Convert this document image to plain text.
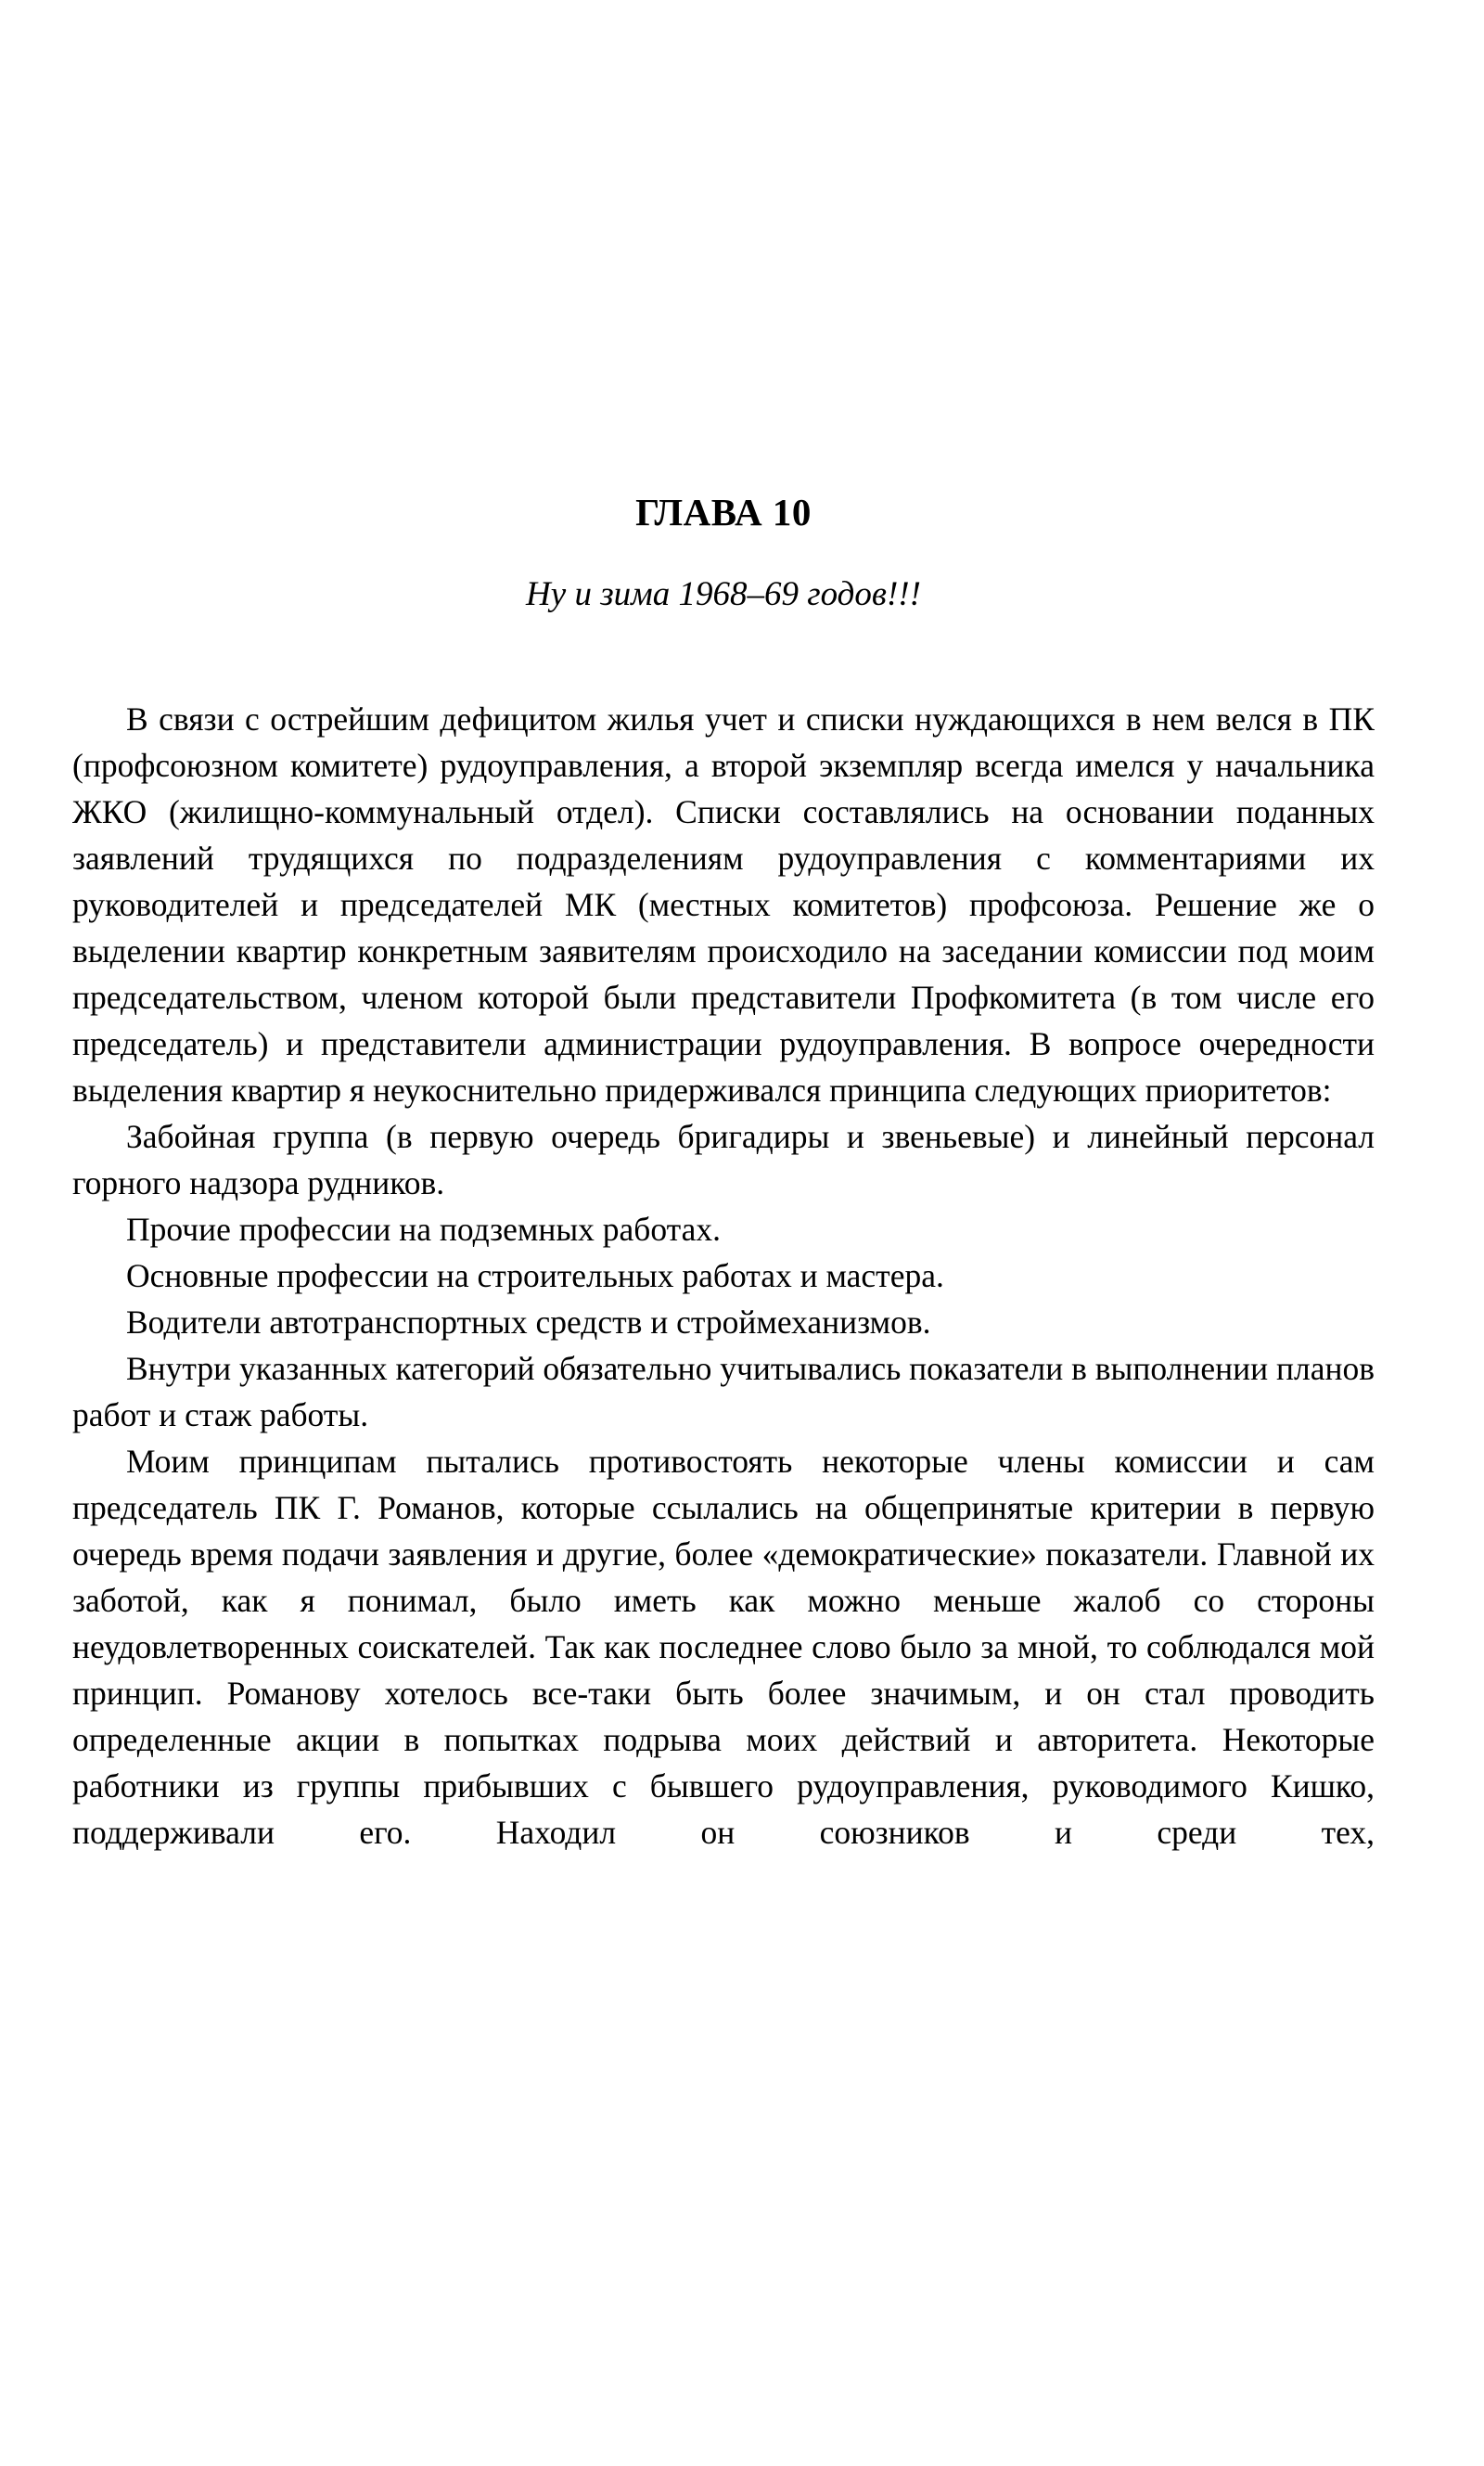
ГЛАВА 10
Ну и зима 1968–69 годов!!!

В связи с острейшим дефицитом жилья учет и списки нуждающихся в нем велся в ПК (профсоюзном комитете) рудоуправления, а второй экземпляр всегда имелся у начальника ЖКО (жилищно-коммунальный отдел). Списки составлялись на основании поданных заявлений трудящихся по подразделениям рудоуправления с комментариями их руководителей и председателей МК (местных комитетов) профсоюза. Решение же о выделении квартир конкретным заявителям происходило на заседании комиссии под моим председательством, членом которой были представители Профкомитета (в том числе его председатель) и представители администрации рудоуправления. В вопросе очередности выделения квартир я неукоснительно придерживался принципа следующих приоритетов:

Забойная группа (в первую очередь бригадиры и звеньевые) и линейный персонал горного надзора рудников.

Прочие профессии на подземных работах.

Основные профессии на строительных работах и мастера.

Водители автотранспортных средств и строймеханизмов.

Внутри указанных категорий обязательно учитывались показатели в выполнении планов работ и стаж работы.

Моим принципам пытались противостоять некоторые члены комиссии и сам председатель ПК Г. Романов, которые ссылались на общепринятые критерии в первую очередь время подачи заявления и другие, более «демократические» показатели. Главной их заботой, как я понимал, было иметь как можно меньше жалоб со стороны неудовлетворенных соискателей. Так как последнее слово было за мной, то соблюдался мой принцип. Романову хотелось все-таки быть более значимым, и он стал проводить определенные акции в попытках подрыва моих действий и авторитета. Некоторые работники из группы прибывших с бывшего рудоуправления, руководимого Кишко, поддерживали его. Находил он союзников и среди тех,
